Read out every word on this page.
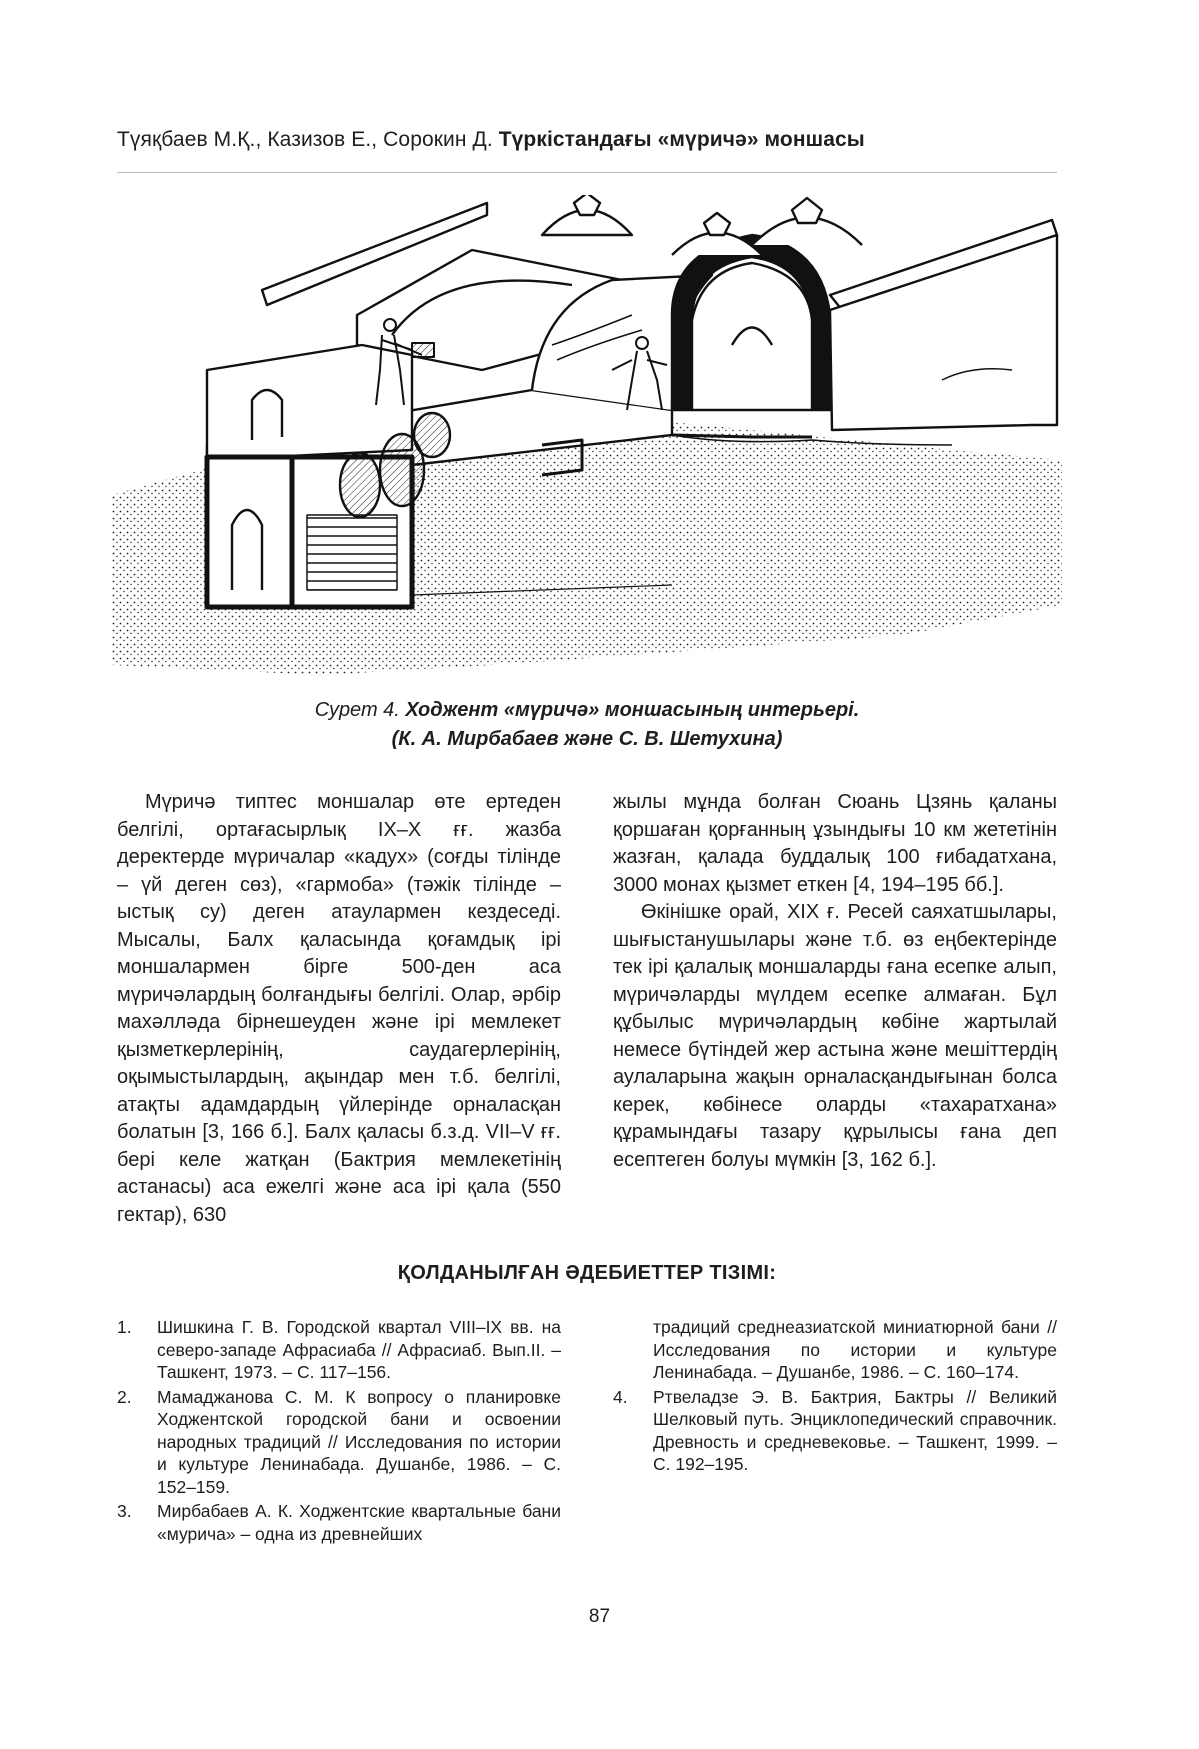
Түяқбаев М.Қ., Казизов Е., Сорокин Д. Түркістандағы «мүричә» моншасы
Сурет 4. Ходжент «мүричә» моншасының интерьері.
(К. А. Мирбабаев және С. В. Шетухина)

Мүричә типтес моншалар өте ертеден белгілі, ортағасырлық IX–X ғғ. жазба деректерде мүричалар «кадух» (соғды тілінде – үй деген сөз), «гармоба» (тәжік тілінде – ыстық су) деген атаулармен кездеседі. Мысалы, Балх қаласында қоғамдық ірі моншалармен бірге 500-ден аса мүричәлардың болғандығы белгілі. Олар, әрбір махәлләда бірнешеуден және ірі мемлекет қызметкерлерінің, саудагерлерінің, оқымыстылардың, ақындар мен т.б. белгілі, атақты адамдардың үйлерінде орналасқан болатын [3, 166 б.]. Балх қаласы б.з.д. VII–V ғғ. бері келе жатқан (Бактрия мемлекетінің астанасы) аса ежелгі және аса ірі қала (550 гектар), 630

жылы мұнда болған Сюань Цзянь қаланы қоршаған қорғанның ұзындығы 10 км жететінін жазған, қалада буддалық 100 ғибадатхана, 3000 монах қызмет еткен [4, 194–195 бб.].

Өкінішке орай, XIX ғ. Ресей саяхатшылары, шығыстанушылары және т.б. өз еңбектерінде тек ірі қалалық моншаларды ғана есепке алып, мүричәларды мүлдем есепке алмаған. Бұл құбылыс мүричәлардың көбіне жартылай немесе бүтіндей жер астына және мешіттердің аулаларына жақын орналасқандығынан болса керек, көбінесе оларды «тахаратхана» құрамындағы тазару құрылысы ғана деп есептеген болуы мүмкін [3, 162 б.].

ҚОЛДАНЫЛҒАН ӘДЕБИЕТТЕР ТІЗІМІ:
1.	Шишкина Г. В. Городской квартал VIII–IX вв. на северо-западе Афрасиаба // Афрасиаб. Вып.II. – Ташкент, 1973. – С. 117–156.
2.	Мамаджанова С. М. К вопросу о планировке Ходжентской городской бани и освоении народных традиций // Исследования по истории и культуре Ленинабада. Душанбе, 1986. – С. 152–159.
3.	Мирбабаев А. К. Ходжентские квартальные бани «мурича» – одна из древнейших
традиций среднеазиатской миниатюрной бани // Исследования по истории и культуре Ленинабада. – Душанбе, 1986. – С. 160–174.
4.	Ртвеладзе Э. В. Бактрия, Бактры // Великий Шелковый путь. Энциклопедический справочник. Древность и средневековье. – Ташкент, 1999. – С. 192–195.
87
